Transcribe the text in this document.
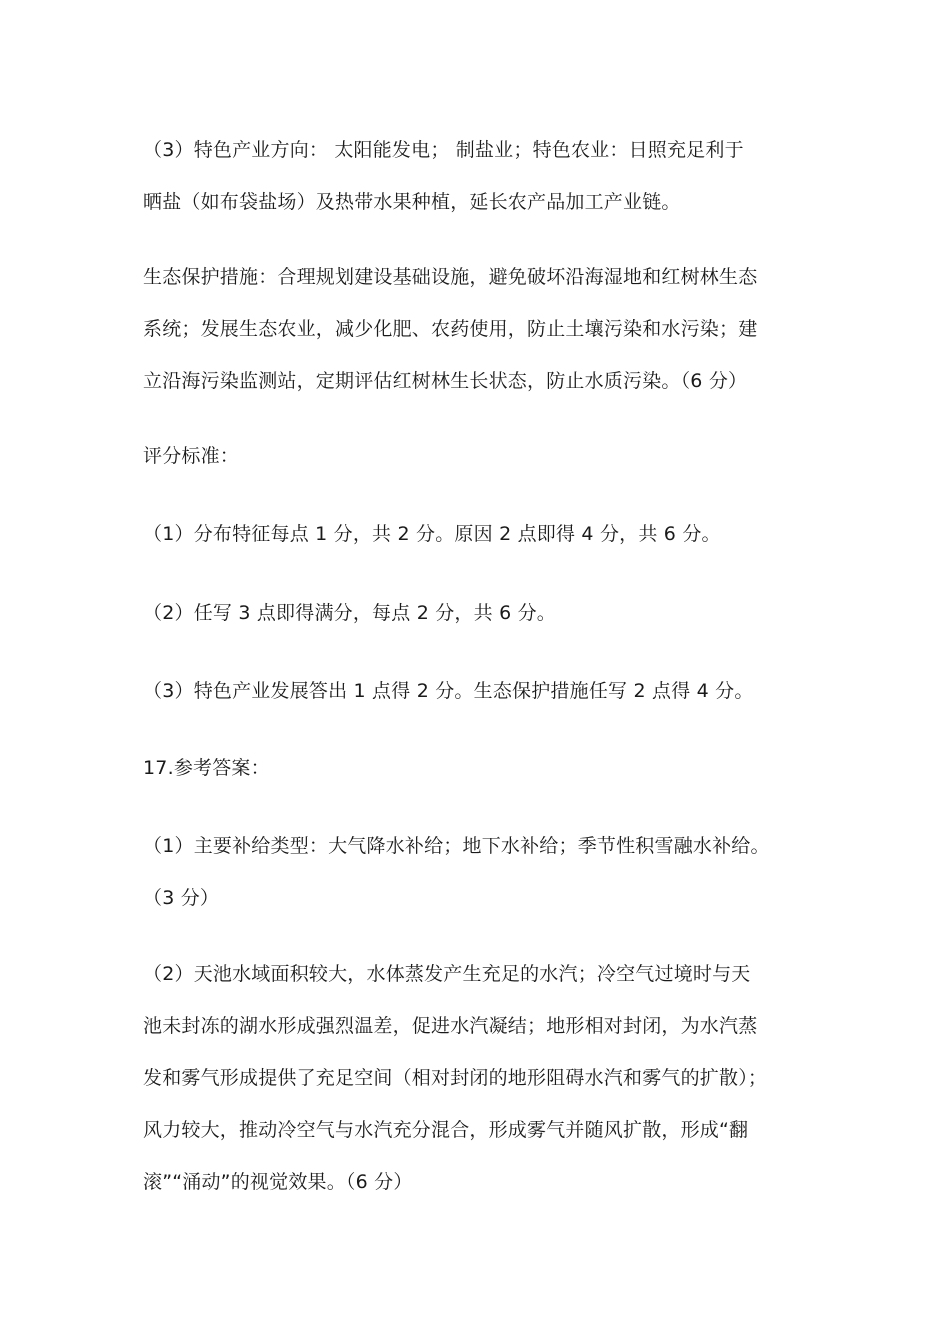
（3）特色产业方向： 太阳能发电； 制盐业；特色农业：日照充足利于

晒盐（如布袋盐场）及热带水果种植，延长农产品加工产业链。

生态保护措施：合理规划建设基础设施，避免破坏沿海湿地和红树林生态

系统；发展生态农业，减少化肥、农药使用，防止土壤污染和水污染；建

立沿海污染监测站，定期评估红树林生长状态，防止水质污染。（6 分）

评分标准：

（1）分布特征每点 1 分，共 2 分。原因 2 点即得 4 分，共 6 分。

（2）任写 3 点即得满分，每点 2 分，共 6 分。

（3）特色产业发展答出 1 点得 2 分。生态保护措施任写 2 点得 4 分。

17.参考答案：

（1）主要补给类型：大气降水补给；地下水补给；季节性积雪融水补给。

（3 分）

（2）天池水域面积较大，水体蒸发产生充足的水汽；冷空气过境时与天

池未封冻的湖水形成强烈温差，促进水汽凝结；地形相对封闭，为水汽蒸

发和雾气形成提供了充足空间（相对封闭的地形阻碍水汽和雾气的扩散）；

风力较大，推动冷空气与水汽充分混合，形成雾气并随风扩散，形成“翻

滚”“涌动”的视觉效果。（6 分）
